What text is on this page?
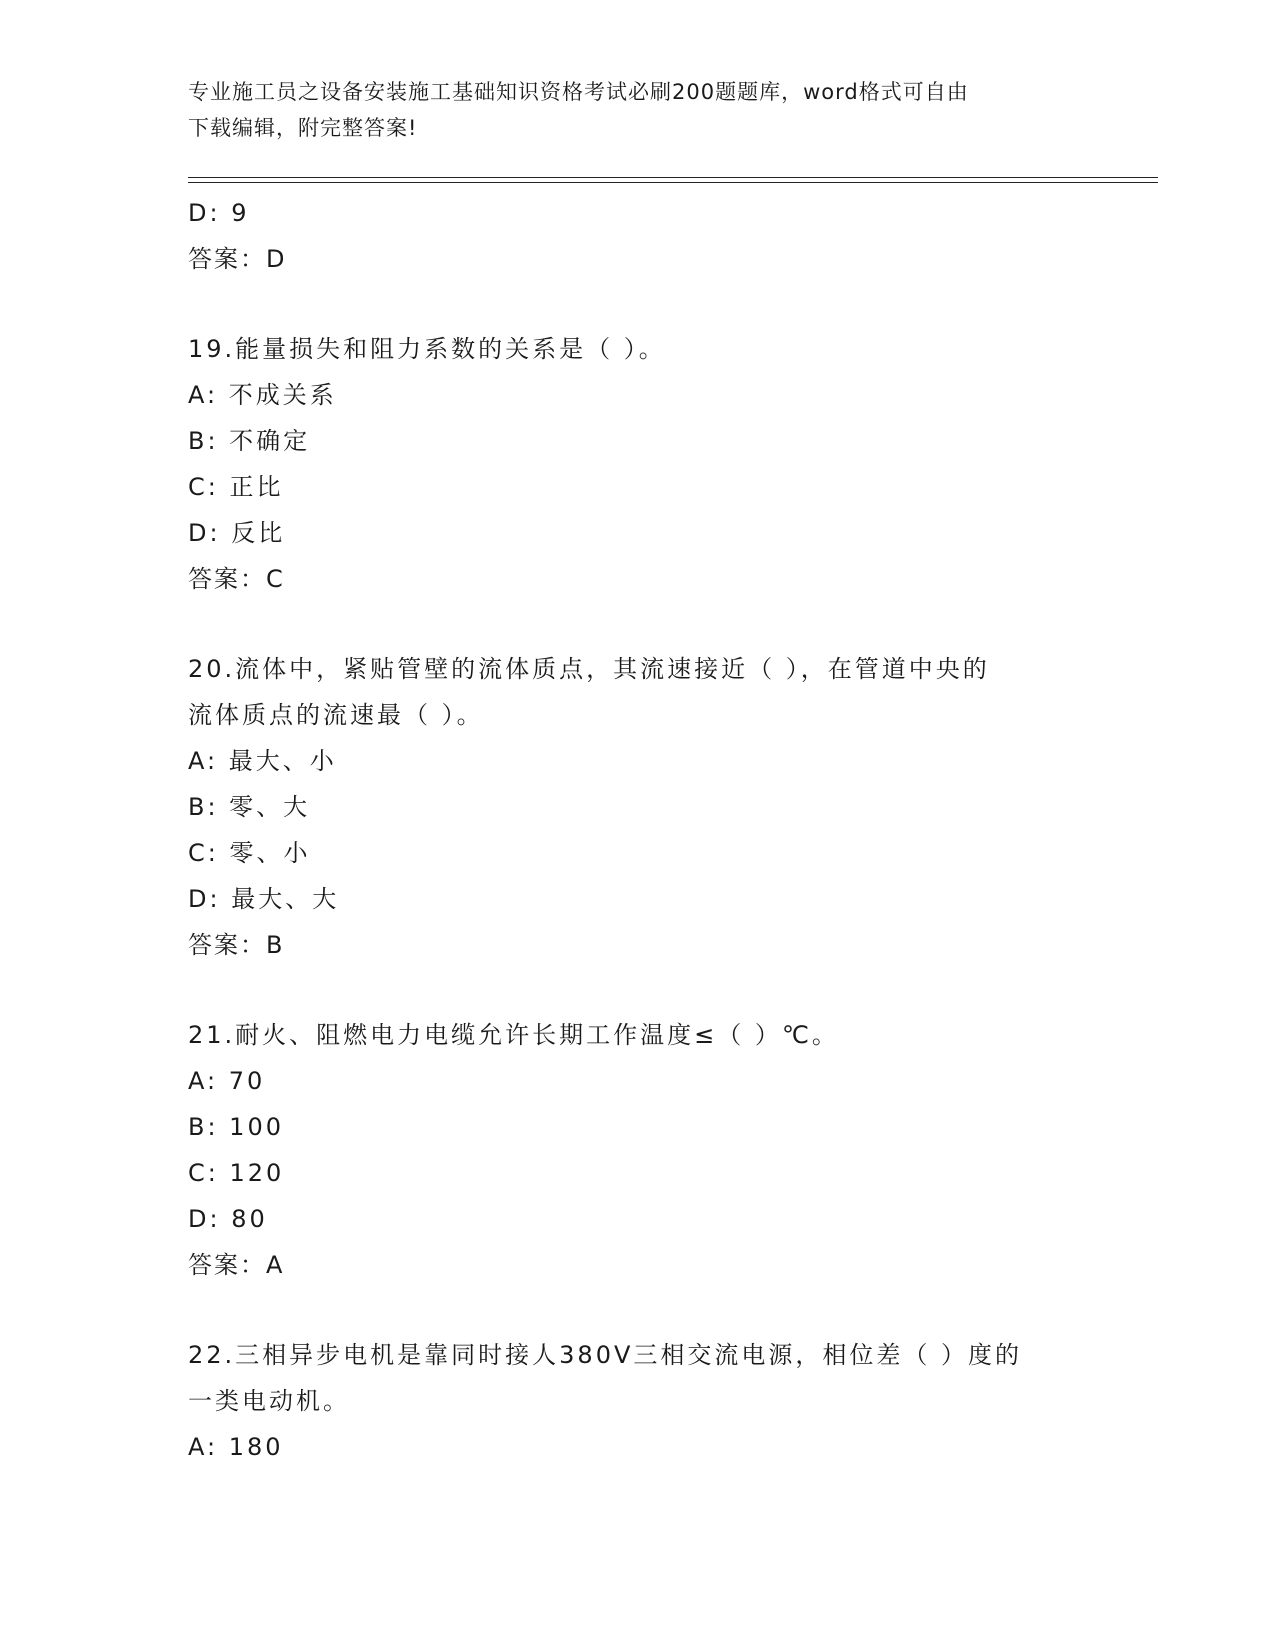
专业施工员之设备安装施工基础知识资格考试必刷200题题库，word格式可自由
下载编辑，附完整答案!
D: 9
答案：D
19.能量损失和阻力系数的关系是（ ）。
A: 不成关系
B: 不确定
C: 正比
D: 反比
答案：C
20.流体中，紧贴管壁的流体质点，其流速接近（ ），在管道中央的
流体质点的流速最（ ）。
A: 最大、小
B: 零、大
C: 零、小
D: 最大、大
答案：B
21.耐火、阻燃电力电缆允许长期工作温度≤（ ）℃。
A: 70
B: 100
C: 120
D: 80
答案：A
22.三相异步电机是靠同时接人380V三相交流电源，相位差（ ）度的
一类电动机。
A: 180
